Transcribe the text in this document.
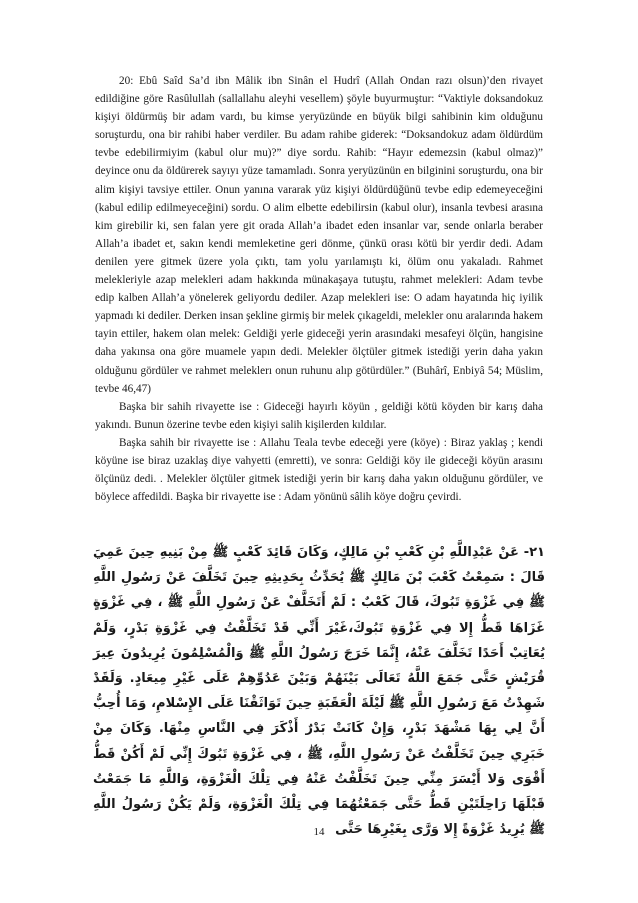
20: Ebû Saîd Sa’d ibn Mâlik ibn Sinân el Hudrî (Allah Ondan razı olsun)’den rivayet edildiğine göre Rasûlullah (sallallahu aleyhi vesellem) şöyle buyurmuştur: “Vaktiyle doksandokuz kişiyi öldürmüş bir adam vardı, bu kimse yeryüzünde en büyük bilgi sahibinin kim olduğunu soruşturdu, ona bir rahibi haber verdiler. Bu adam rahibe giderek: “Doksandokuz adam öldürdüm tevbe edebilirmiyim (kabul olur mu)?” diye sordu. Rahib: “Hayır edemezsin (kabul olmaz)” deyince onu da öldürerek sayıyı yüze tamamladı. Sonra yeryüzünün en bilginini soruşturdu, ona bir alim kişiyi tavsiye ettiler. Onun yanına vararak yüz kişiyi öldürdüğünü tevbe edip edemeyeceğini (kabul edilip edilmeyeceğini) sordu. O alim elbette edebilirsin (kabul olur), insanla tevbesi arasına kim girebilir ki, sen falan yere git orada Allah’a ibadet eden insanlar var, sende onlarla beraber Allah’a ibadet et, sakın kendi memleketine geri dönme, çünkü orası kötü bir yerdir dedi. Adam denilen yere gitmek üzere yola çıktı, tam yolu yarılamıştı ki, ölüm onu yakaladı. Rahmet melekleriyle azap melekleri adam hakkında münakaşaya tutuştu, rahmet melekleri: Adam tevbe edip kalben Allah’a yönelerek geliyordu dediler. Azap melekleri ise: O adam hayatında hiç iyilik yapmadı ki dediler. Derken insan şekline girmiş bir melek çıkageldi, melekler onu aralarında hakem tayin ettiler, hakem olan melek: Geldiği yerle gideceği yerin arasındaki mesafeyi ölçün, hangisine daha yakınsa ona göre muamele yapın dedi. Melekler ölçtüler gitmek istediği yerin daha yakın olduğunu gördüler ve rahmet meleklerı onun ruhunu alıp götürdüler.” (Buhârî, Enbiyâ 54; Müslim, tevbe 46,47)

Başka bir sahih rivayette ise : Gideceği hayırlı köyün , geldiği kötü köyden bir karış daha yakındı. Bunun özerine tevbe eden kişiyi salih kişilerden kıldılar.

Başka sahih bir rivayette ise : Allahu Teala tevbe edeceği yere (köye) : Biraz yaklaş ; kendi köyüne ise biraz uzaklaş diye vahyetti (emretti), ve sonra: Geldiği köy ile gideceği köyün arasını ölçünüz dedi. . Melekler ölçtüler gitmek istediği yerin bir karış daha yakın olduğunu gördüler, ve böylece affedildi. Başka bir rivayette ise : Adam yönünü sâlih köye doğru çevirdi.

٢١- عَنْ عَبْدِاللَّهِ بْنِ كَعْبِ بْنِ مَالِكٍ، وَكَانَ قَائِدَ كَعْبٍ ﷺ مِنْ بَنِيهِ حِينَ عَمِيَ قَالَ : سَمِعْتُ كَعْبَ بْنَ مَالِكٍ ﷺ يُحَدِّثُ بِحَدِيثِهِ حِينَ تَخَلَّفَ عَنْ رَسُولِ اللَّهِ ﷺ فِي غَزْوَةِ تَبُوكَ، قَالَ كَعْبٌ : لَمْ أَتَخَلَّفْ عَنْ رَسُولِ اللَّهِ ﷺ ، فِي غَزْوَةٍ غَزَاهَا قَطُّ إِلا فِي غَزْوَةِ تَبُوكَ،غَيْرَ أَنِّي قَدْ تَخَلَّفْتُ فِي غَزْوَةِ بَدْرٍ، وَلَمْ يُعَاتِبْ أَحَدًا تَخَلَّفَ عَنْهُ، إِنَّمَا خَرَجَ رَسُولُ اللَّهِ ﷺ وَالْمُسْلِمُونَ يُرِيدُونَ عِيرَ قُرَيْشٍ حَتَّى جَمَعَ اللَّهُ تَعَالَى بَيْنَهُمْ وَبَيْنَ عَدُوِّهِمْ عَلَى غَيْرِ مِيعَادٍ. وَلَقَدْ شَهِدْتُ مَعَ رَسُولِ اللَّهِ ﷺ لَيْلَةَ الْعَقَبَةِ حِينَ تَوَاثَقْنَا عَلَى الإِسْلامِ، وَمَا أُحِبُّ أَنَّ لِي بِهَا مَشْهَدَ بَدْرٍ، وَإِنْ كَانَتْ بَدْرٌ أَذْكَرَ فِي النَّاسِ مِنْهَا. وَكَانَ مِنْ خَبَرِي حِينَ تَخَلَّفْتُ عَنْ رَسُولِ اللَّهِ، ﷺ ، فِي غَزْوَةِ تَبُوكَ إِنِّي لَمْ أَكُنْ قَطُّ أَقْوَى وَلا أَيْسَرَ مِنِّي حِينَ تَخَلَّفْتُ عَنْهُ فِي تِلْكَ الْغَزْوَةِ، وَاللَّهِ مَا جَمَعْتُ قَبْلَهَا رَاحِلَتَيْنِ قَطُّ حَتَّى جَمَعْتُهُمَا فِي تِلْكَ الْغَزْوَةِ، وَلَمْ يَكُنْ رَسُولُ اللَّهِ ﷺ يُرِيدُ غَزْوَةً إِلا وَرَّى بِغَيْرِهَا حَتَّى

14
